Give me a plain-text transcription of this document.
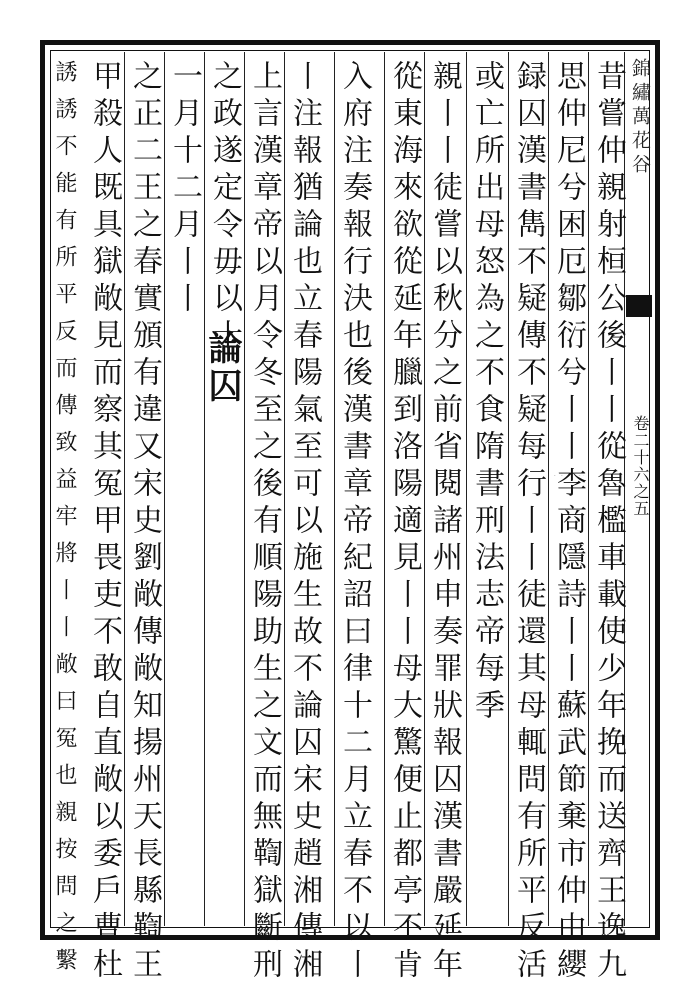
錦繡萬花谷
卷二十六之五
昔嘗仲親射桓公後丨丨從魯檻車載使少年挽而送齊王逸九
思仲尼兮困厄鄒衍兮丨丨李商隱詩丨丨蘇武節棄市仲由纓
録囚漢書雋不疑傳不疑每行丨丨徒還其母輒問有所平反活
或亡所出母怒為之不食隋書刑法志帝每季
親丨丨徒嘗以秋分之前省閱諸州申奏罪狀報囚漢書嚴延年
從東海來欲從延年臘到洛陽適見丨丨母大驚便止都亭不肯
入府注奏報行決也後漢書章帝紀詔曰律十二月立春不以丨
丨注報猶論也立春陽氣至可以施生故不論囚宋史趙湘傳湘
上言漢章帝以月令冬至之後有順陽助生之文而無鞫獄斷刑
之政遂定令毋以十
一月十二月丨丨
之正二王之春實頒有違又宋史劉敞傳敞知揚州天長縣鞫王
甲殺人既具獄敞見而察其冤甲畏吏不敢自直敞以委戶曹杜
誘誘不能有所平反而傳致益牢將丨丨敞曰冤也親按問之繫	論囚
